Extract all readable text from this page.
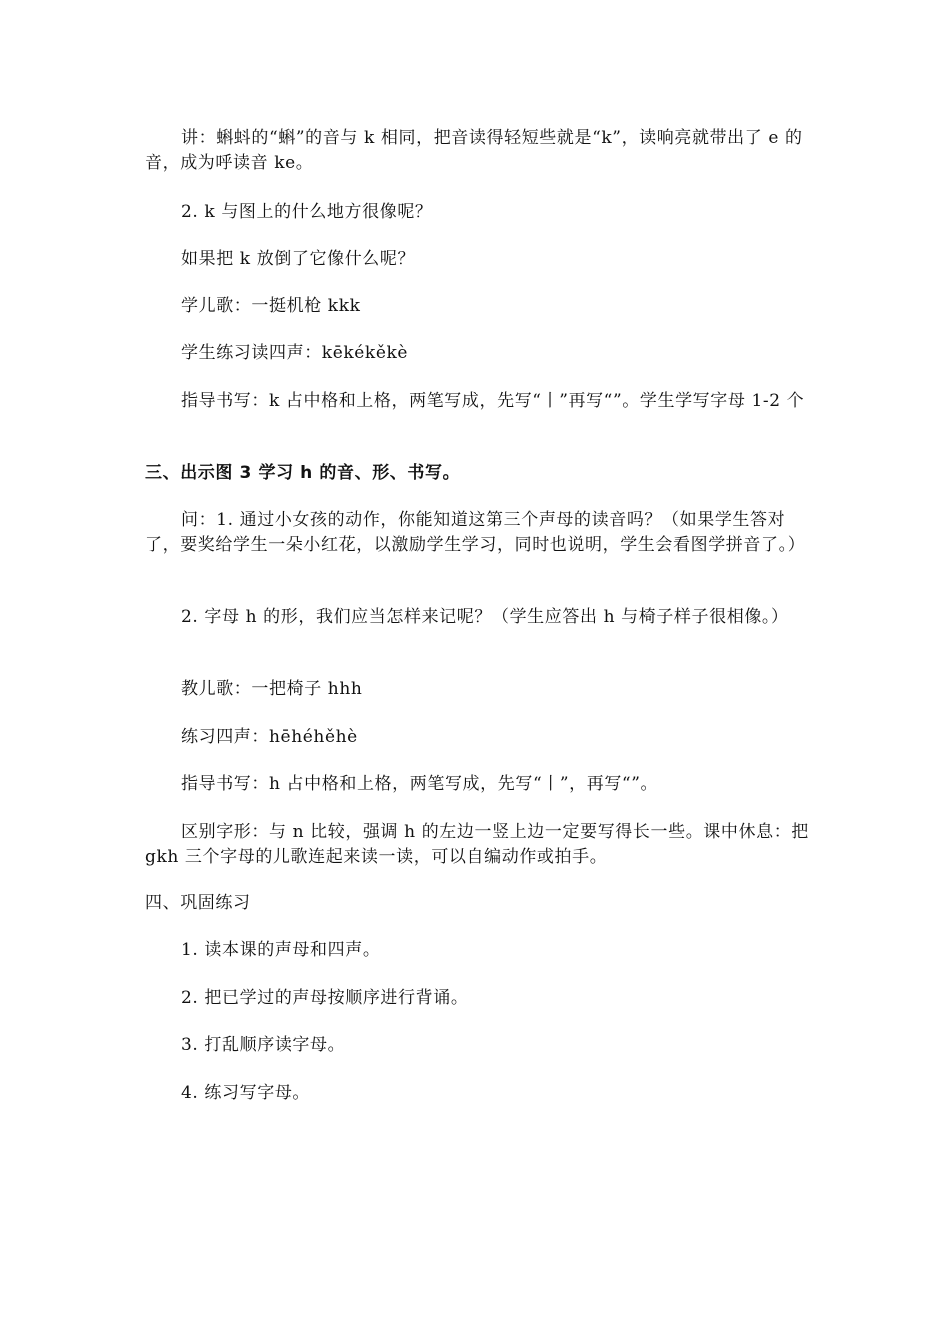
讲：蝌蚪的“蝌”的音与 k 相同，把音读得轻短些就是“k”，读响亮就带出了 e 的音，成为呼读音 ke。
2. k 与图上的什么地方很像呢？
如果把 k 放倒了它像什么呢？
学儿歌：一挺机枪 kkk
学生练习读四声：kēkékěkè
指导书写：k 占中格和上格，两笔写成，先写“丨”再写“”。学生学写字母 1-2 个
三、出示图 3 学习 h 的音、形、书写。
问：1. 通过小女孩的动作，你能知道这第三个声母的读音吗？（如果学生答对了，要奖给学生一朵小红花，以激励学生学习，同时也说明，学生会看图学拼音了。）
2. 字母 h 的形，我们应当怎样来记呢？（学生应答出 h 与椅子样子很相像。）
教儿歌：一把椅子 hhh
练习四声：hēhéhěhè
指导书写：h 占中格和上格，两笔写成，先写“丨”，再写“”。
区别字形：与 n 比较，强调 h 的左边一竖上边一定要写得长一些。课中休息：把 gkh 三个字母的儿歌连起来读一读，可以自编动作或拍手。
四、巩固练习
1. 读本课的声母和四声。
2. 把已学过的声母按顺序进行背诵。
3. 打乱顺序读字母。
4. 练习写字母。
